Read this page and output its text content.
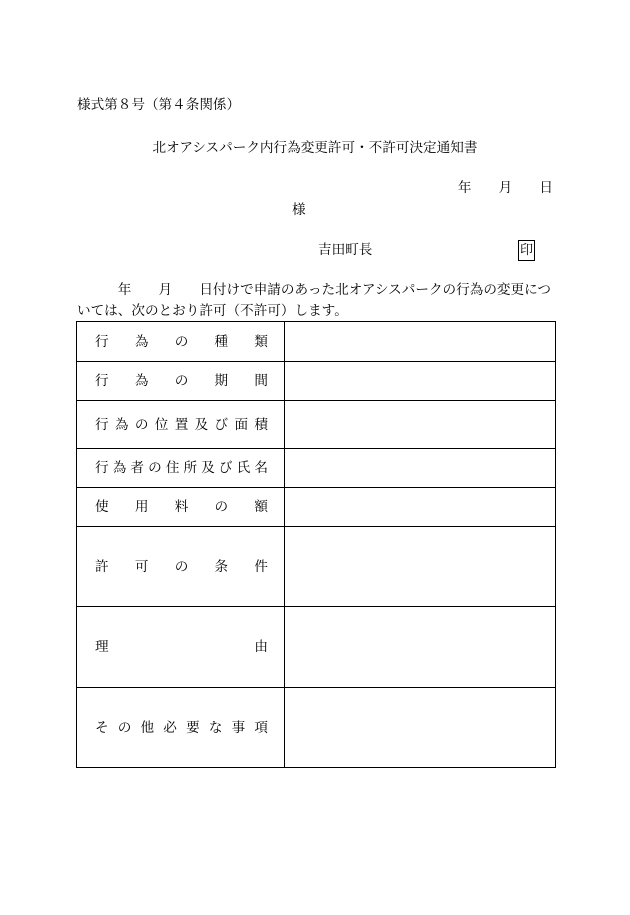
様式第８号（第４条関係）
北オアシスパーク内行為変更許可・不許可決定通知書
年　　月　　日
様
吉田町長	印
　　　年　　月　　日付けで申請のあった北オアシスパークの行為の変更につ
いては、次のとおり許可（不許可）します。
行 為 の 種 類
行 為 の 期 間
行 為 の 位 置 及 び 面 積
行 為 者 の 住 所 及 び 氏 名
使 用 料 の 額
許 可 の 条 件
理	由
そ の 他 必 要 な 事 項
